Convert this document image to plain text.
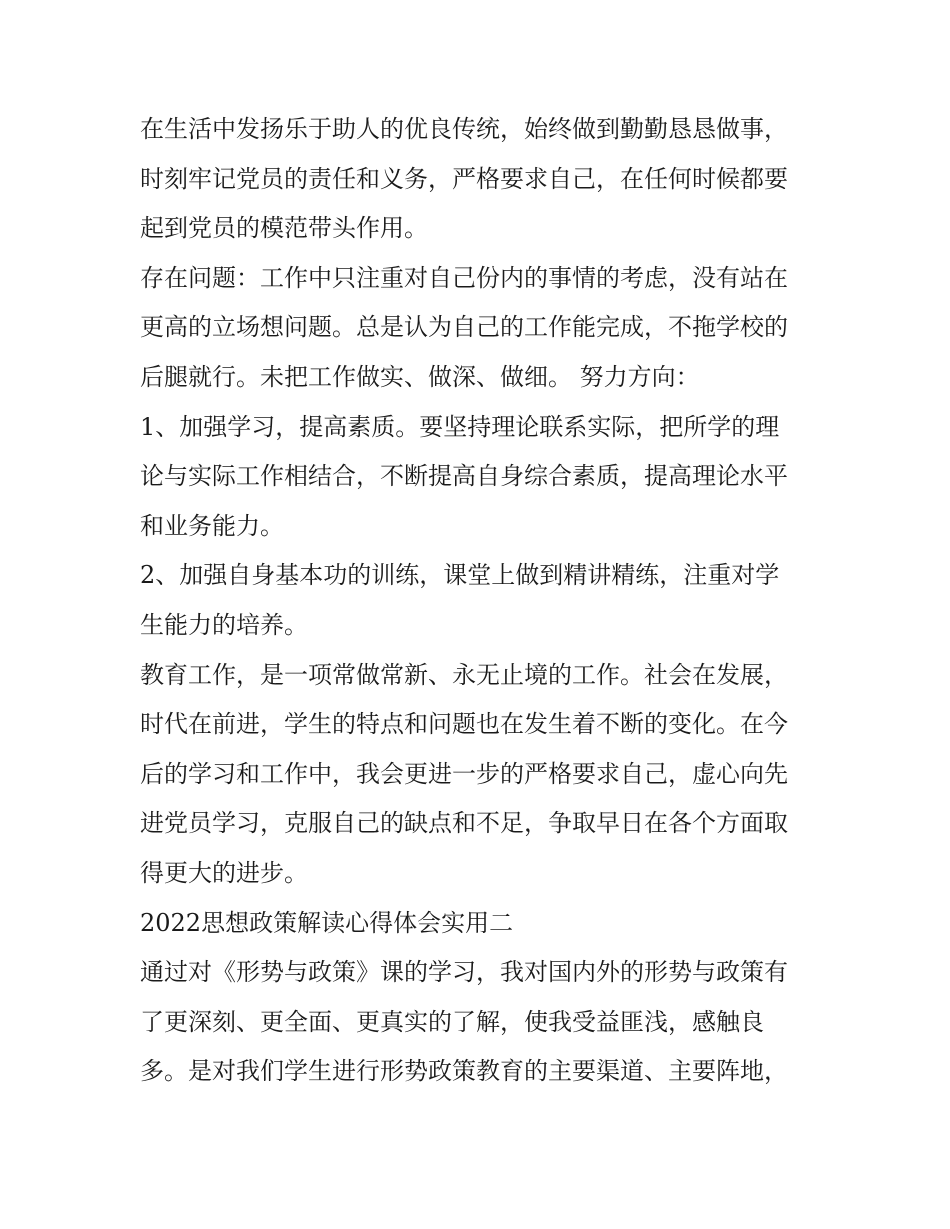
在生活中发扬乐于助人的优良传统，始终做到勤勤恳恳做事，
时刻牢记党员的责任和义务，严格要求自己，在任何时候都要
起到党员的模范带头作用。
存在问题：工作中只注重对自己份内的事情的考虑，没有站在
更高的立场想问题。总是认为自己的工作能完成，不拖学校的
后腿就行。未把工作做实、做深、做细。 努力方向：
1、加强学习，提高素质。要坚持理论联系实际，把所学的理
论与实际工作相结合，不断提高自身综合素质，提高理论水平
和业务能力。
2、加强自身基本功的训练，课堂上做到精讲精练，注重对学
生能力的培养。
教育工作，是一项常做常新、永无止境的工作。社会在发展，
时代在前进，学生的特点和问题也在发生着不断的变化。在今
后的学习和工作中，我会更进一步的严格要求自己，虚心向先
进党员学习，克服自己的缺点和不足，争取早日在各个方面取
得更大的进步。
2022思想政策解读心得体会实用二
通过对《形势与政策》课的学习，我对国内外的形势与政策有
了更深刻、更全面、更真实的了解，使我受益匪浅，感触良
多。是对我们学生进行形势政策教育的主要渠道、主要阵地，
